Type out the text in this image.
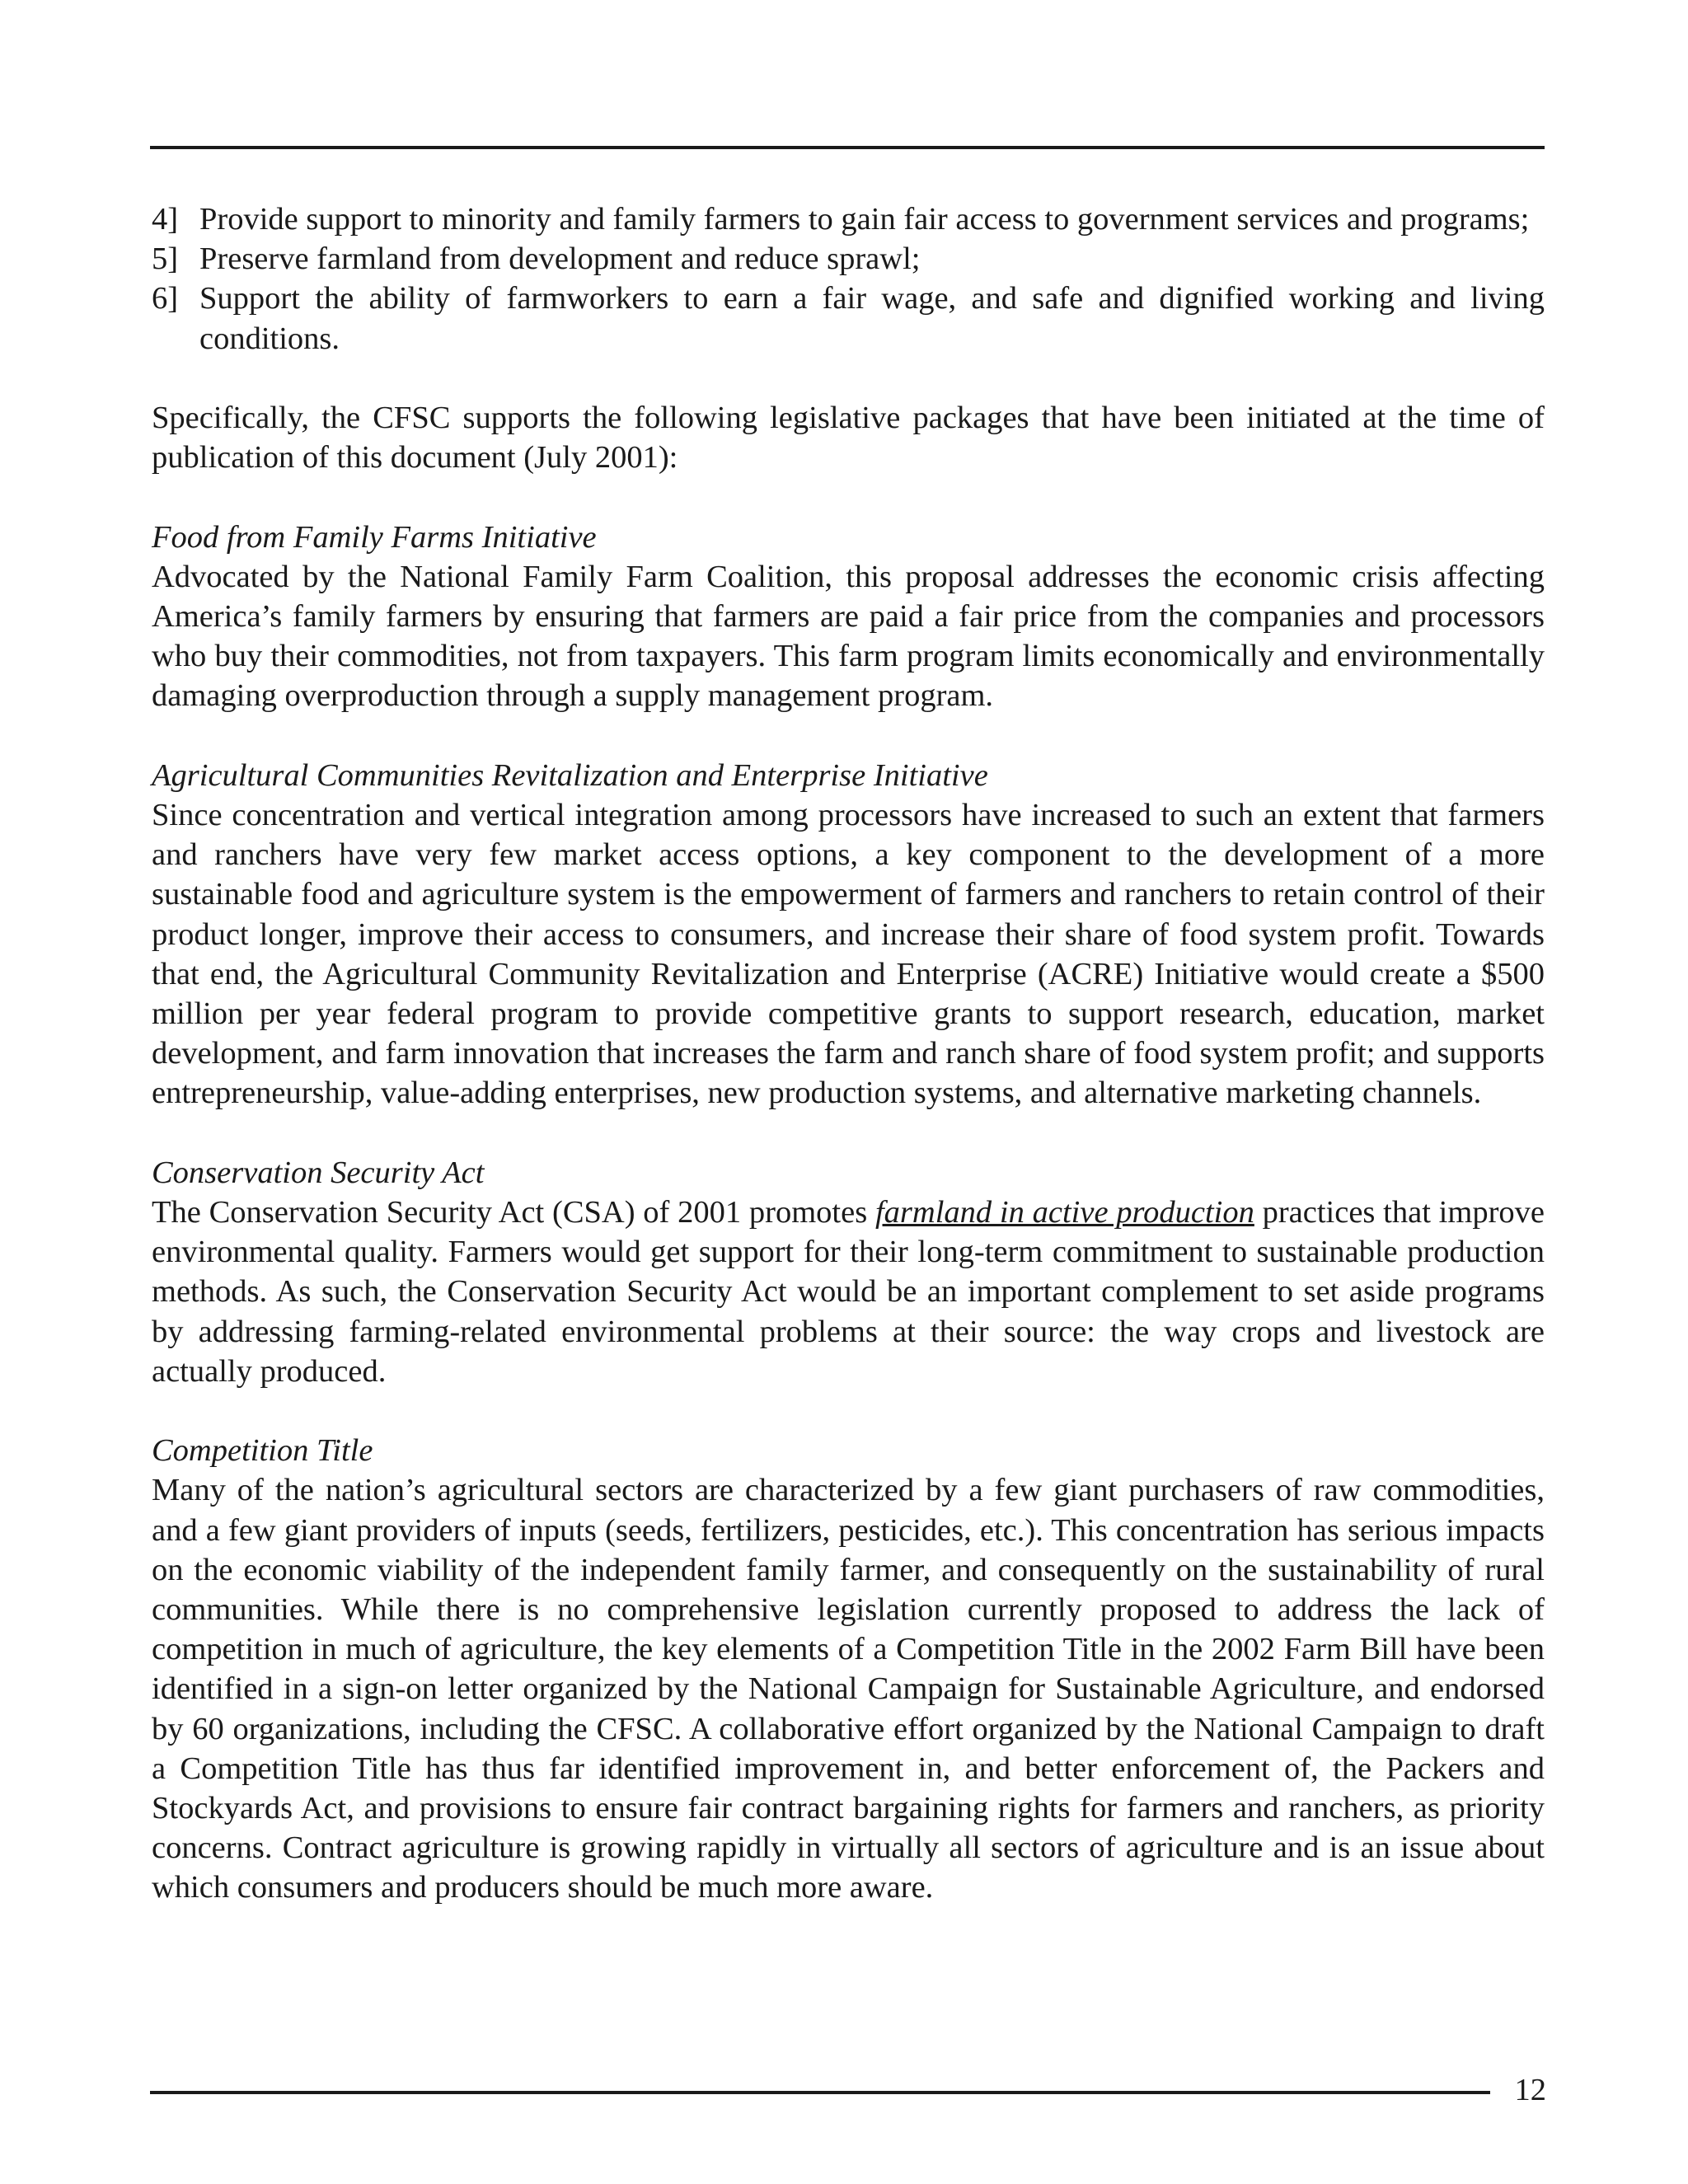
4] Provide support to minority and family farmers to gain fair access to government services and programs;
5] Preserve farmland from development and reduce sprawl;
6] Support the ability of farmworkers to earn a fair wage, and safe and dignified working and living conditions.

Specifically, the CFSC supports the following legislative packages that have been initiated at the time of publication of this document (July 2001):

Food from Family Farms Initiative

Advocated by the National Family Farm Coalition, this proposal addresses the economic crisis affecting America’s family farmers by ensuring that farmers are paid a fair price from the companies and processors who buy their commodities, not from taxpayers. This farm program limits economically and environmentally damaging overproduction through a supply management program.

Agricultural Communities Revitalization and Enterprise Initiative

Since concentration and vertical integration among processors have increased to such an extent that farmers and ranchers have very few market access options, a key component to the development of a more sustainable food and agriculture system is the empowerment of farmers and ranchers to retain control of their product longer, improve their access to consumers, and increase their share of food system profit. Towards that end, the Agricultural Community Revitalization and Enterprise (ACRE) Initiative would create a $500 million per year federal program to provide competitive grants to support research, education, market development, and farm innovation that increases the farm and ranch share of food system profit; and supports entrepreneurship, value-adding enterprises, new production systems, and alternative marketing channels.

Conservation Security Act

The Conservation Security Act (CSA) of 2001 promotes farmland in active production practices that improve environmental quality. Farmers would get support for their long-term commitment to sustainable production methods. As such, the Conservation Security Act would be an important complement to set aside programs by addressing farming-related environmental problems at their source: the way crops and livestock are actually produced.

Competition Title

Many of the nation’s agricultural sectors are characterized by a few giant purchasers of raw commodities, and a few giant providers of inputs (seeds, fertilizers, pesticides, etc.). This concentration has serious impacts on the economic viability of the independent family farmer, and consequently on the sustainability of rural communities. While there is no comprehensive legislation currently proposed to address the lack of competition in much of agriculture, the key elements of a Competition Title in the 2002 Farm Bill have been identified in a sign-on letter organized by the National Campaign for Sustainable Agriculture, and endorsed by 60 organizations, including the CFSC. A collaborative effort organized by the National Campaign to draft a Competition Title has thus far identified improvement in, and better enforcement of, the Packers and Stockyards Act, and provisions to ensure fair contract bargaining rights for farmers and ranchers, as priority concerns. Contract agriculture is growing rapidly in virtually all sectors of agriculture and is an issue about which consumers and producers should be much more aware.

12
